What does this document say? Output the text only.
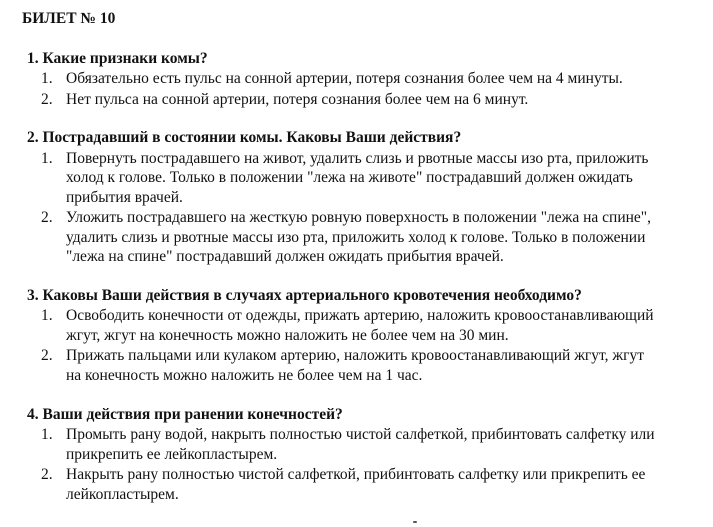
БИЛЕТ № 10
1. Какие признаки комы?
1. Обязательно есть пульс на сонной артерии, потеря сознания более чем на 4 минуты.
2. Нет пульса на сонной артерии, потеря сознания более чем на 6 минут.
2. Пострадавший в состоянии комы. Каковы Ваши действия?
1. Повернуть пострадавшего на живот, удалить слизь и рвотные массы изо рта, приложить
холод к голове. Только в положении "лежа на животе" пострадавший должен ожидать
прибытия врачей.
2. Уложить пострадавшего на жесткую ровную поверхность в положении "лежа на спине",
удалить слизь и рвотные массы изо рта, приложить холод к голове. Только в положении
"лежа на спине" пострадавший должен ожидать прибытия врачей.
3. Каковы Ваши действия в случаях артериального кровотечения необходимо?
1. Освободить конечности от одежды, прижать артерию, наложить кровоостанавливающий
жгут, жгут на конечность можно наложить не более чем на 30 мин.
2. Прижать пальцами или кулаком артерию, наложить кровоостанавливающий жгут, жгут
на конечность можно наложить не более чем на 1 час.
4. Ваши действия при ранении конечностей?
1. Промыть рану водой, накрыть полностью чистой салфеткой, прибинтовать салфетку или
прикрепить ее лейкопластырем.
2. Накрыть рану полностью чистой салфеткой, прибинтовать салфетку или прикрепить ее
лейкопластырем.
